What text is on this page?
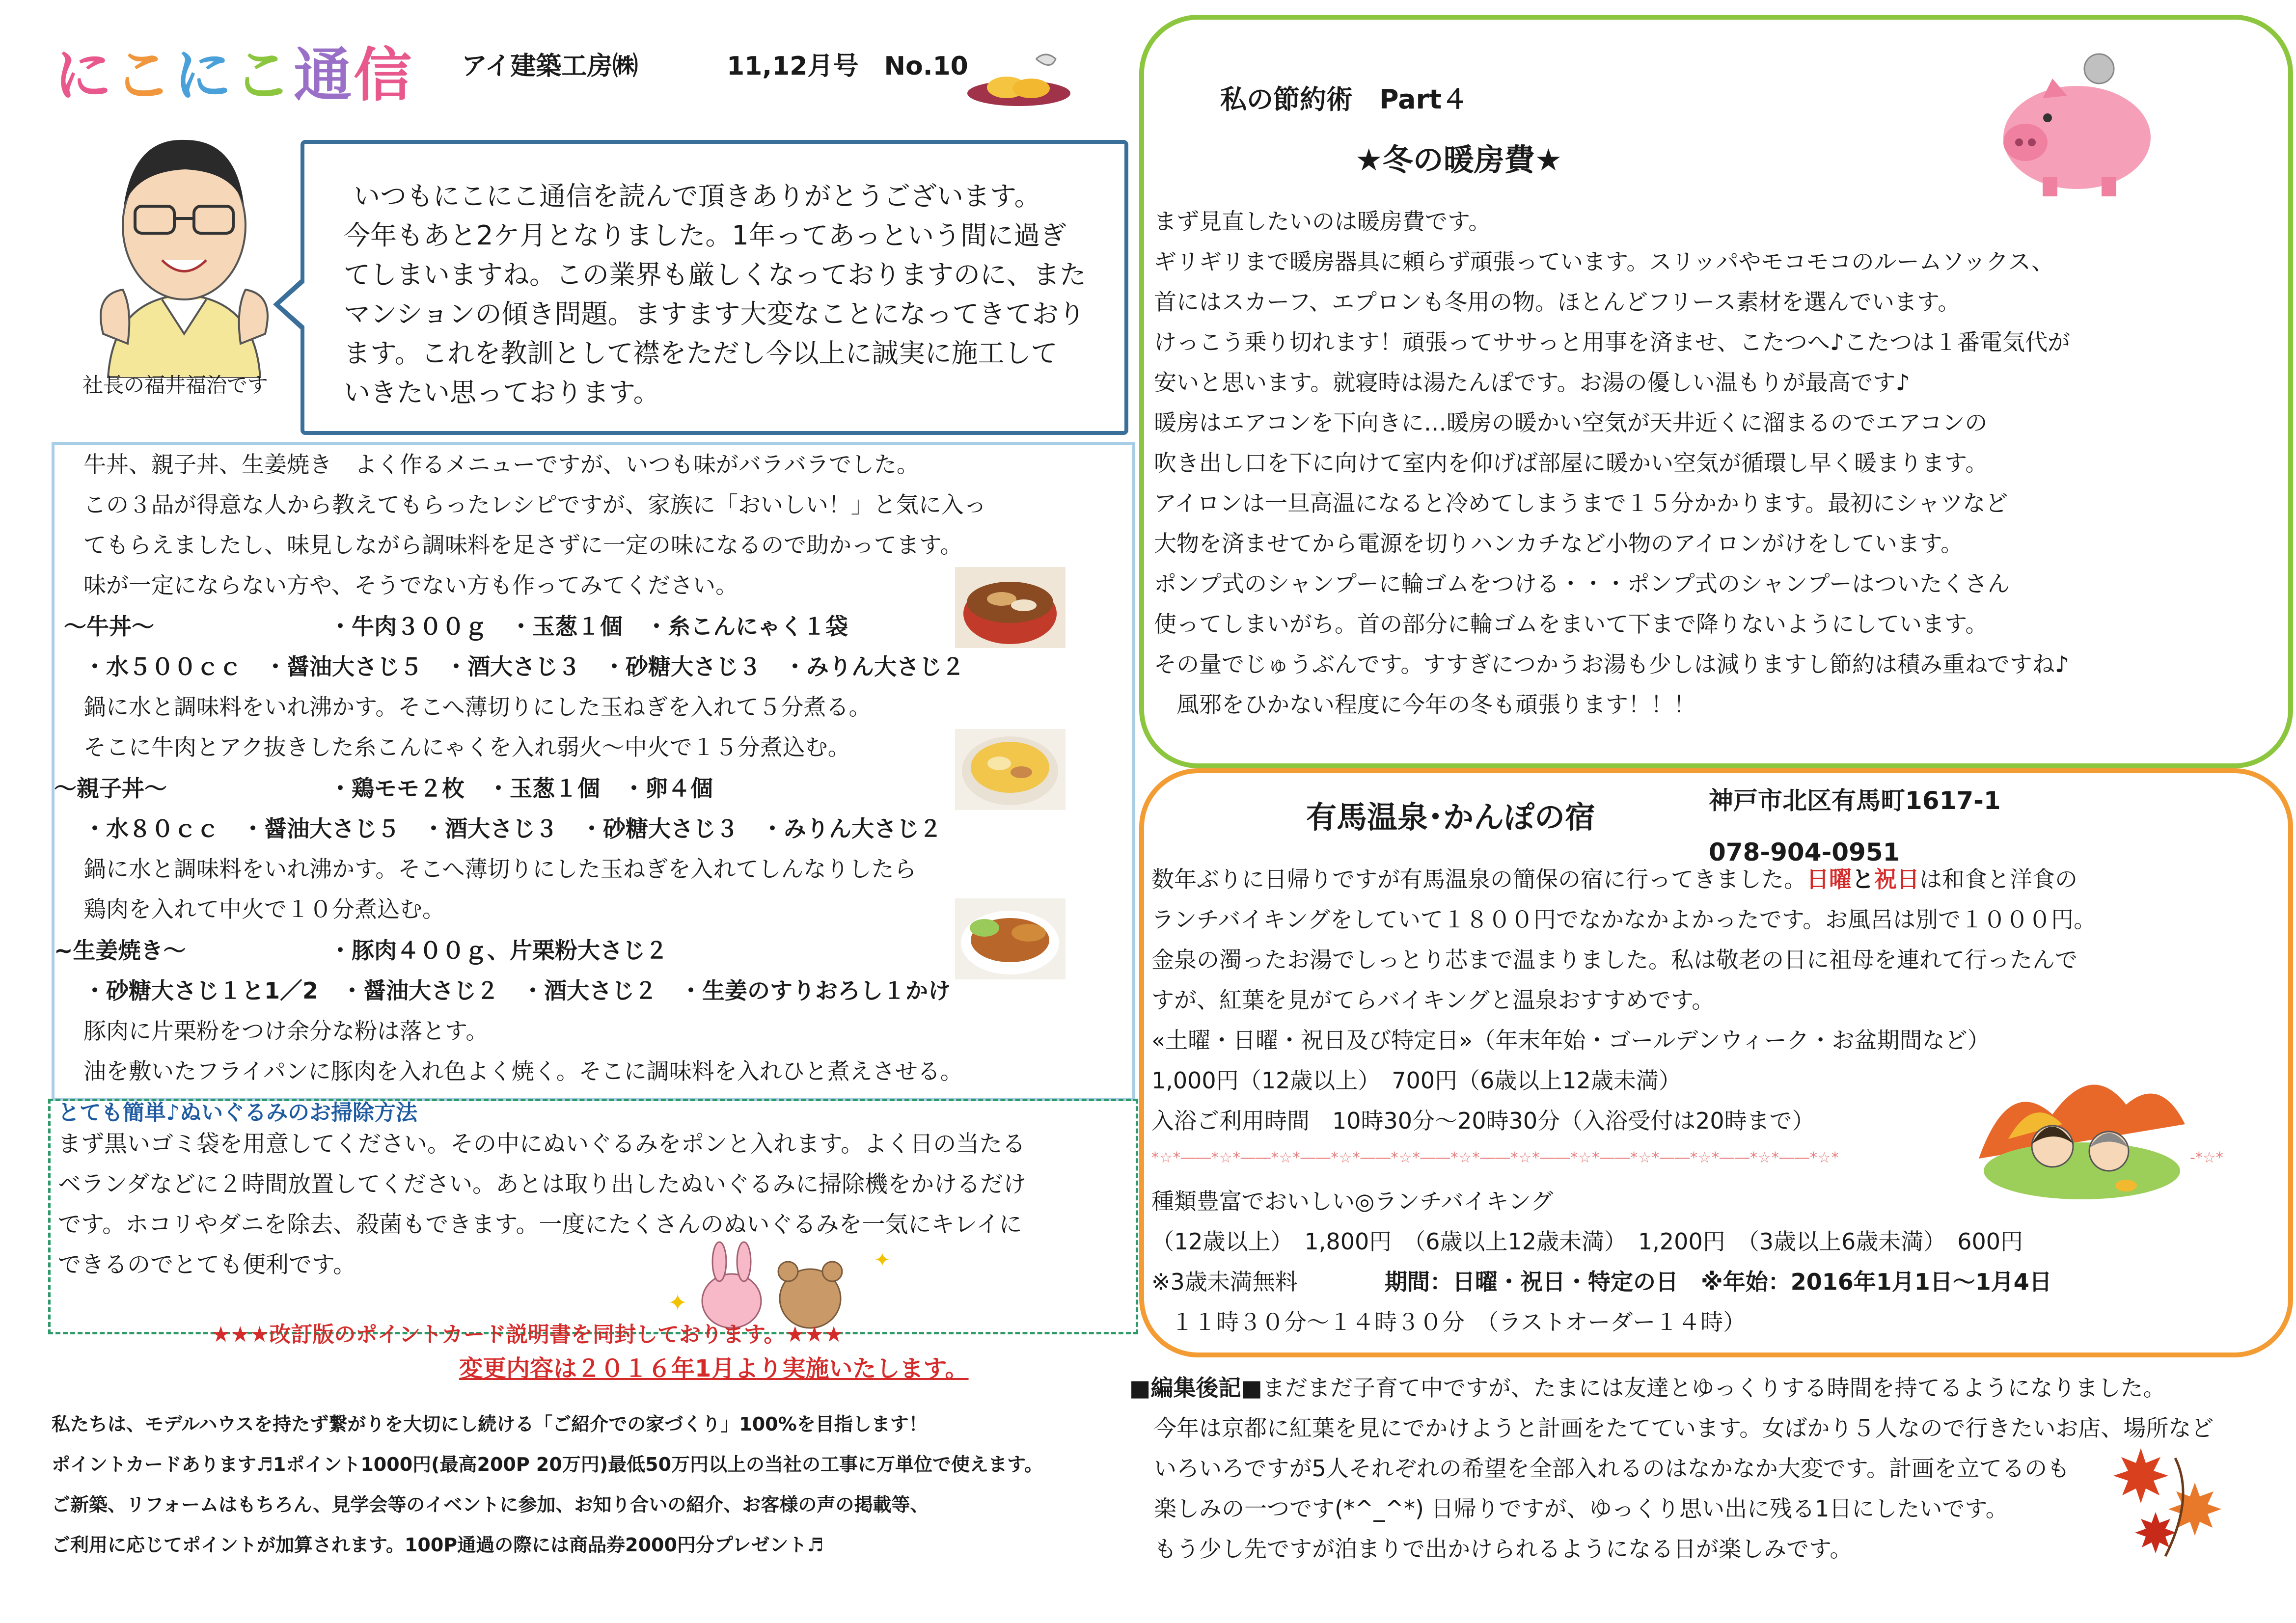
にこにこ通信 アイ建築工房㈱	11,12月号　No.10
社長の福井福治です
いつもにこにこ通信を読んで頂きありがとうございます。
今年もあと2ケ月となりました。1年ってあっという間に過ぎ
てしまいますね。この業界も厳しくなっておりますのに、また
マンションの傾き問題。ますます大変なことになってきており
ます。これを教訓として襟をただし今以上に誠実に施工して
いきたい思っております。
牛丼、親子丼、生姜焼き　よく作るメニューですが、いつも味がバラバラでした。
この３品が得意な人から教えてもらったレシピですが、家族に「おいしい！」と気に入っ
てもらえましたし、味見しながら調味料を足さずに一定の味になるので助かってます。
味が一定にならない方や、そうでない方も作ってみてください。
～牛丼～	・牛肉３００ｇ　・玉葱１個　・糸こんにゃく１袋
・水５００ｃｃ　・醤油大さじ５　・酒大さじ３　・砂糖大さじ３　・みりん大さじ２
鍋に水と調味料をいれ沸かす。そこへ薄切りにした玉ねぎを入れて５分煮る。
そこに牛肉とアク抜きした糸こんにゃくを入れ弱火～中火で１５分煮込む。
～親子丼～	・鶏モモ２枚　・玉葱１個　・卵４個
・水８０ｃｃ　・醤油大さじ５　・酒大さじ３　・砂糖大さじ３　・みりん大さじ２
鍋に水と調味料をいれ沸かす。そこへ薄切りにした玉ねぎを入れてしんなりしたら
鶏肉を入れて中火で１０分煮込む。
~生姜焼き～	・豚肉４００ｇ、片栗粉大さじ２
・砂糖大さじ１と1／2　・醤油大さじ２　・酒大さじ２　・生姜のすりおろし１かけ
豚肉に片栗粉をつけ余分な粉は落とす。
油を敷いたフライパンに豚肉を入れ色よく焼く。そこに調味料を入れひと煮えさせる。
とても簡単♪ぬいぐるみのお掃除方法
まず黒いゴミ袋を用意してください。その中にぬいぐるみをポンと入れます。よく日の当たる
ベランダなどに２時間放置してください。あとは取り出したぬいぐるみに掃除機をかけるだけ
です。ホコリやダニを除去、殺菌もできます。一度にたくさんのぬいぐるみを一気にキレイに
できるのでとても便利です。
✦
✦
★★★改訂版のポイントカード説明書を同封しております。★★★
変更内容は２０１６年1月より実施いたします。
私たちは、モデルハウスを持たず繋がりを大切にし続ける「ご紹介での家づくり」100%を目指します！
ポイントカードあります♬1ポイント1000円(最高200P 20万円)最低50万円以上の当社の工事に万単位で使えます。
ご新築、リフォームはもちろん、見学会等のイベントに参加、お知り合いの紹介、お客様の声の掲載等、
ご利用に応じてポイントが加算されます。100P通過の際には商品券2000円分プレゼント♬
私の節約術　Part４
★冬の暖房費★
まず見直したいのは暖房費です。
ギリギリまで暖房器具に頼らず頑張っています。スリッパやモコモコのルームソックス、
首にはスカーフ、エプロンも冬用の物。ほとんどフリース素材を選んでいます。
けっこう乗り切れます！頑張ってササっと用事を済ませ、こたつへ♪こたつは１番電気代が
安いと思います。就寝時は湯たんぽです。お湯の優しい温もりが最高です♪
暖房はエアコンを下向きに…暖房の暖かい空気が天井近くに溜まるのでエアコンの
吹き出し口を下に向けて室内を仰げば部屋に暖かい空気が循環し早く暖まります。
アイロンは一旦高温になると冷めてしまうまで１５分かかります。最初にシャツなど
大物を済ませてから電源を切りハンカチなど小物のアイロンがけをしています。
ポンプ式のシャンプーに輪ゴムをつける・・・ポンプ式のシャンプーはついたくさん
使ってしまいがち。首の部分に輪ゴムをまいて下まで降りないようにしています。
その量でじゅうぶんです。すすぎにつかうお湯も少しは減りますし節約は積み重ねですね♪
　風邪をひかない程度に今年の冬も頑張ります！！！
有馬温泉･かんぽの宿	神戸市北区有馬町1617-1
078-904-0951
数年ぶりに日帰りですが有馬温泉の簡保の宿に行ってきました。日曜と祝日は和食と洋食の
ランチバイキングをしていて１８００円でなかなかよかったです。お風呂は別で１０００円。
金泉の濁ったお湯でしっとり芯まで温まりました。私は敬老の日に祖母を連れて行ったんで
すが、紅葉を見がてらバイキングと温泉おすすめです。
«土曜・日曜・祝日及び特定日»（年末年始・ゴールデンウィーク・お盆期間など）
1,000円（12歳以上）　700円（6歳以上12歳未満）
入浴ご利用時間　10時30分～20時30分（入浴受付は20時まで）
*☆*――*☆*――*☆*――*☆*――*☆*――*☆*――*☆*――*☆*――*☆*――*☆*――*☆*――*☆*
種類豊富でおいしい◎ランチバイキング
（12歳以上）　1,800円　（6歳以上12歳未満）　1,200円　（3歳以上6歳未満）　600円
※3歳未満無料	期間：日曜・祝日・特定の日　※年始：2016年1月1日～1月4日
１１時３０分～１４時３０分　（ラストオーダー１４時）
-*☆*
■編集後記■まだまだ子育て中ですが、たまには友達とゆっくりする時間を持てるようになりました。
今年は京都に紅葉を見にでかけようと計画をたてています。女ばかり５人なので行きたいお店、場所など
いろいろですが5人それぞれの希望を全部入れるのはなかなか大変です。計画を立てるのも
楽しみの一つです(*^_^*) 日帰りですが、ゆっくり思い出に残る1日にしたいです。
もう少し先ですが泊まりで出かけられるようになる日が楽しみです。
